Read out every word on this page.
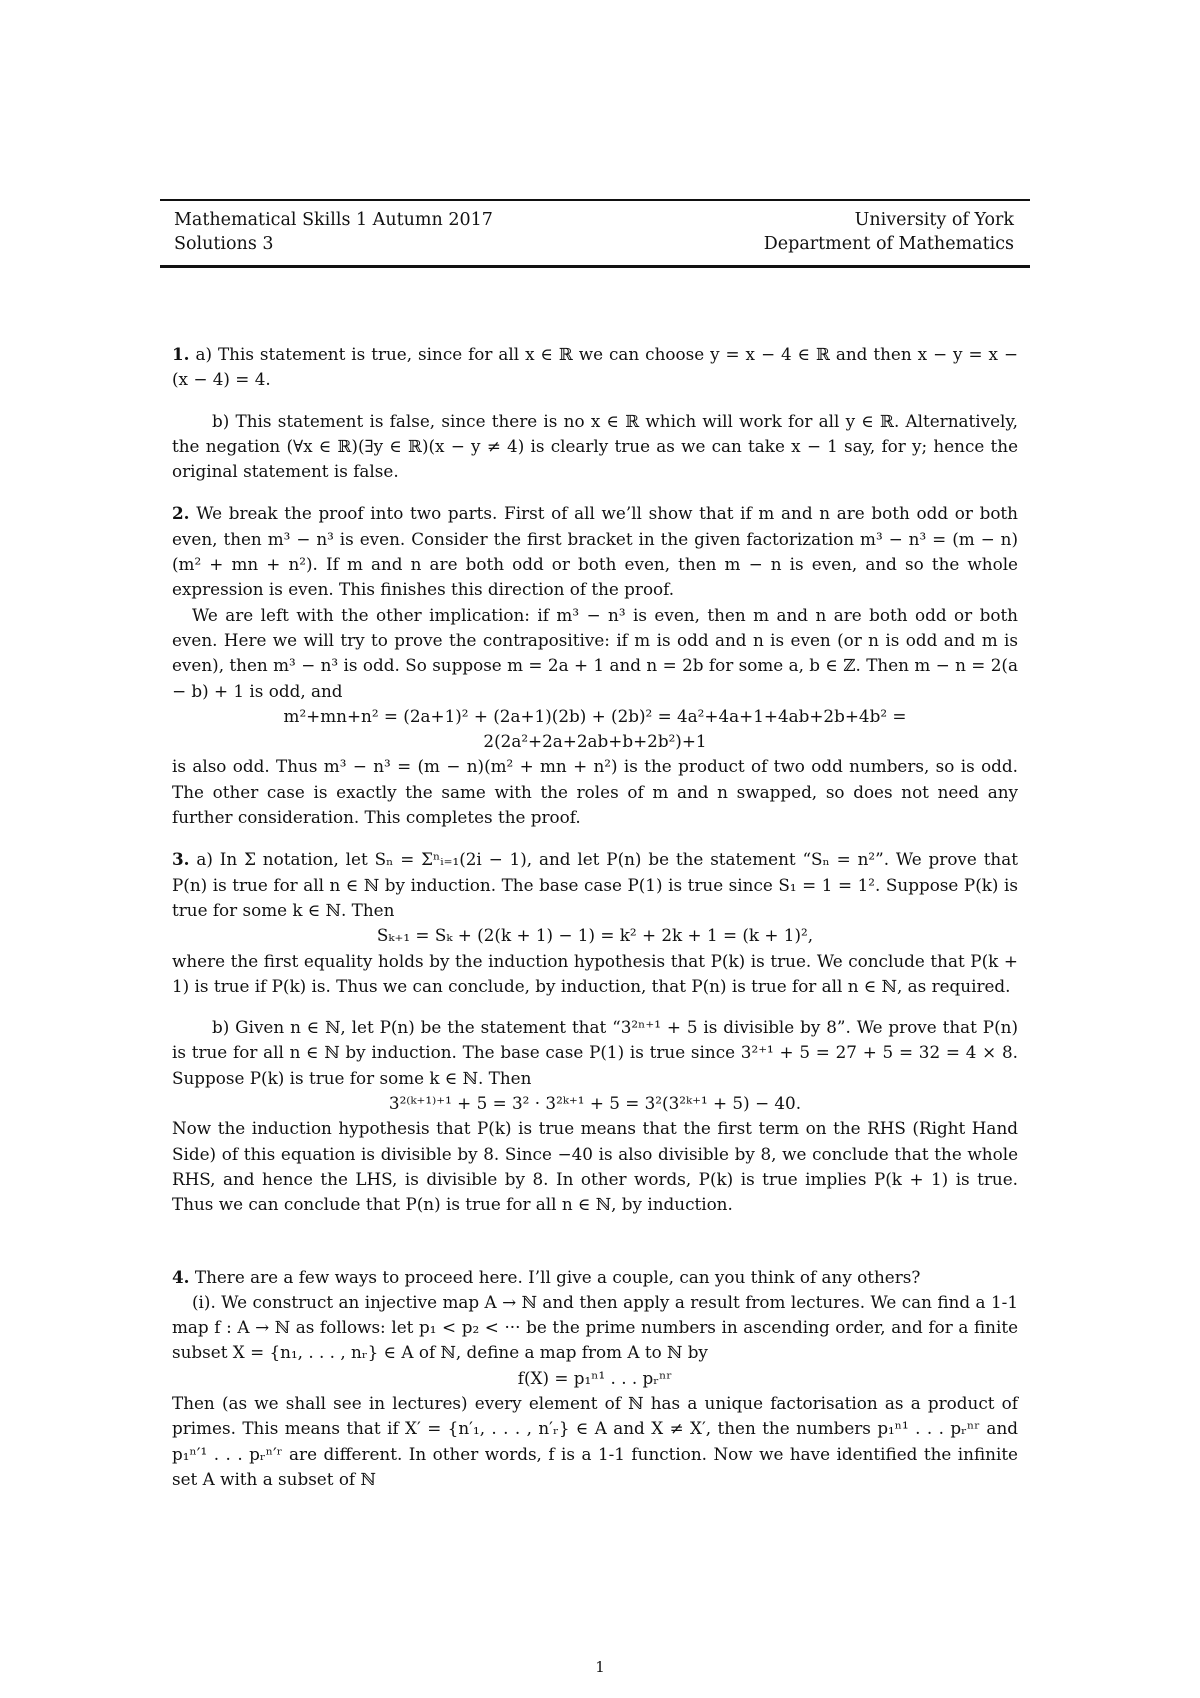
Mathematical Skills 1 Autumn 2017	University of York
Solutions 3	Department of Mathematics

1. a) This statement is true, since for all x ∈ ℝ we can choose y = x − 4 ∈ ℝ and then x − y = x − (x − 4) = 4.

b) This statement is false, since there is no x ∈ ℝ which will work for all y ∈ ℝ. Alternatively, the negation (∀x ∈ ℝ)(∃y ∈ ℝ)(x − y ≠ 4) is clearly true as we can take x − 1 say, for y; hence the original statement is false.

2. We break the proof into two parts. First of all we’ll show that if m and n are both odd or both even, then m³ − n³ is even. Consider the first bracket in the given factorization m³ − n³ = (m − n)(m² + mn + n²). If m and n are both odd or both even, then m − n is even, and so the whole expression is even. This finishes this direction of the proof.

We are left with the other implication: if m³ − n³ is even, then m and n are both odd or both even. Here we will try to prove the contrapositive: if m is odd and n is even (or n is odd and m is even), then m³ − n³ is odd. So suppose m = 2a + 1 and n = 2b for some a, b ∈ ℤ. Then m − n = 2(a − b) + 1 is odd, and

m²+mn+n² = (2a+1)² + (2a+1)(2b) + (2b)² = 4a²+4a+1+4ab+2b+4b² = 2(2a²+2a+2ab+b+2b²)+1

is also odd. Thus m³ − n³ = (m − n)(m² + mn + n²) is the product of two odd numbers, so is odd. The other case is exactly the same with the roles of m and n swapped, so does not need any further consideration. This completes the proof.

3. a) In Σ notation, let Sₙ = Σⁿᵢ₌₁(2i − 1), and let P(n) be the statement “Sₙ = n²”. We prove that P(n) is true for all n ∈ ℕ by induction. The base case P(1) is true since S₁ = 1 = 1². Suppose P(k) is true for some k ∈ ℕ. Then

Sₖ₊₁ = Sₖ + (2(k + 1) − 1) = k² + 2k + 1 = (k + 1)²,

where the first equality holds by the induction hypothesis that P(k) is true. We conclude that P(k + 1) is true if P(k) is. Thus we can conclude, by induction, that P(n) is true for all n ∈ ℕ, as required.

b) Given n ∈ ℕ, let P(n) be the statement that “3²ⁿ⁺¹ + 5 is divisible by 8”. We prove that P(n) is true for all n ∈ ℕ by induction. The base case P(1) is true since 3²⁺¹ + 5 = 27 + 5 = 32 = 4 × 8. Suppose P(k) is true for some k ∈ ℕ. Then

3²⁽ᵏ⁺¹⁾⁺¹ + 5 = 3² · 3²ᵏ⁺¹ + 5 = 3²(3²ᵏ⁺¹ + 5) − 40.

Now the induction hypothesis that P(k) is true means that the first term on the RHS (Right Hand Side) of this equation is divisible by 8. Since −40 is also divisible by 8, we conclude that the whole RHS, and hence the LHS, is divisible by 8. In other words, P(k) is true implies P(k + 1) is true. Thus we can conclude that P(n) is true for all n ∈ ℕ, by induction.

4. There are a few ways to proceed here. I’ll give a couple, can you think of any others?

(i). We construct an injective map A → ℕ and then apply a result from lectures. We can find a 1-1 map f : A → ℕ as follows: let p₁ < p₂ < ··· be the prime numbers in ascending order, and for a finite subset X = {n₁, . . . , nᵣ} ∈ A of ℕ, define a map from A to ℕ by

f(X) = p₁ⁿ¹ . . . pᵣⁿʳ

Then (as we shall see in lectures) every element of ℕ has a unique factorisation as a product of primes. This means that if X′ = {n′₁, . . . , n′ᵣ} ∈ A and X ≠ X′, then the numbers p₁ⁿ¹ . . . pᵣⁿʳ and p₁ⁿ′¹ . . . pᵣⁿ′ʳ are different. In other words, f is a 1-1 function. Now we have identified the infinite set A with a subset of ℕ

1
